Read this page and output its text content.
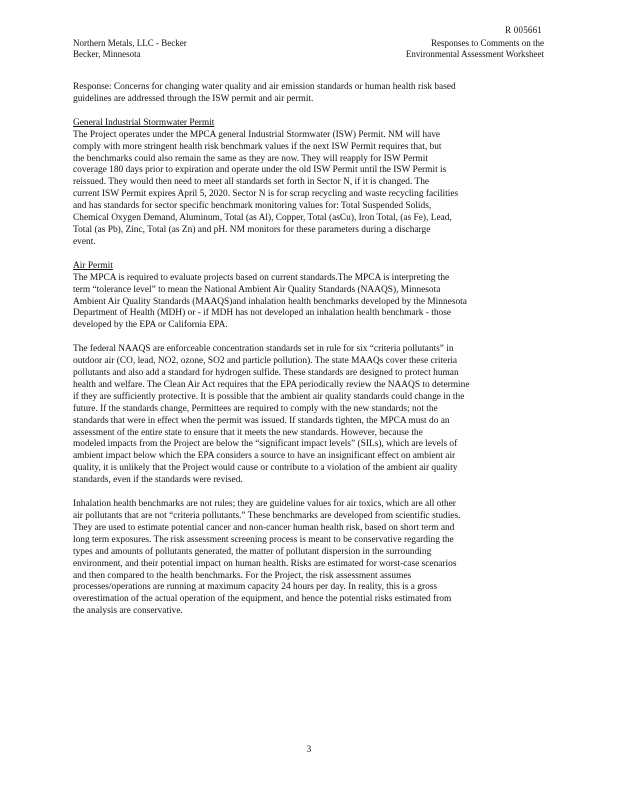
R 005661
Northern Metals, LLC - Becker
Becker, Minnesota
Responses to Comments on the
Environmental Assessment Worksheet
Response: Concerns for changing water quality and air emission standards or human health risk based
guidelines are addressed through the ISW permit and air permit.
General Industrial Stormwater Permit
The Project operates under the MPCA general Industrial Stormwater (ISW) Permit. NM will have
comply with more stringent health risk benchmark values if the next ISW Permit requires that, but
the benchmarks could also remain the same as they are now. They will reapply for ISW Permit
coverage 180 days prior to expiration and operate under the old ISW Permit until the ISW Permit is
reissued. They would then need to meet all standards set forth in Sector N, if it is changed. The
current ISW Permit expires April 5, 2020. Sector N is for scrap recycling and waste recycling facilities
and has standards for sector specific benchmark monitoring values for: Total Suspended Solids,
Chemical Oxygen Demand, Aluminum, Total (as Al), Copper, Total (asCu), Iron Total, (as Fe), Lead,
Total (as Pb), Zinc, Total (as Zn) and pH. NM monitors for these parameters during a discharge
event.
Air Permit
The MPCA is required to evaluate projects based on current standards.The MPCA is interpreting the
term “tolerance level” to mean the National Ambient Air Quality Standards (NAAQS), Minnesota
Ambient Air Quality Standards (MAAQS)and inhalation health benchmarks developed by the Minnesota
Department of Health (MDH) or - if MDH has not developed an inhalation health benchmark - those
developed by the EPA or California EPA.
The federal NAAQS are enforceable concentration standards set in rule for six “criteria pollutants” in
outdoor air (CO, lead, NO2, ozone, SO2 and particle pollution). The state MAAQs cover these criteria
pollutants and also add a standard for hydrogen sulfide. These standards are designed to protect human
health and welfare. The Clean Air Act requires that the EPA periodically review the NAAQS to determine
if they are sufficiently protective. It is possible that the ambient air quality standards could change in the
future. If the standards change, Permittees are required to comply with the new standards; not the
standards that were in effect when the permit was issued. If standards tighten, the MPCA must do an
assessment of the entire state to ensure that it meets the new standards. However, because the
modeled impacts from the Project are below the “significant impact levels” (SILs), which are levels of
ambient impact below which the EPA considers a source to have an insignificant effect on ambient air
quality, it is unlikely that the Project would cause or contribute to a violation of the ambient air quality
standards, even if the standards were revised.
Inhalation health benchmarks are not rules; they are guideline values for air toxics, which are all other
air pollutants that are not “criteria pollutants.” These benchmarks are developed from scientific studies.
They are used to estimate potential cancer and non-cancer human health risk, based on short term and
long term exposures. The risk assessment screening process is meant to be conservative regarding the
types and amounts of pollutants generated, the matter of pollutant dispersion in the surrounding
environment, and their potential impact on human health. Risks are estimated for worst-case scenarios
and then compared to the health benchmarks. For the Project, the risk assessment assumes
processes/operations are running at maximum capacity 24 hours per day. In reality, this is a gross
overestimation of the actual operation of the equipment, and hence the potential risks estimated from
the analysis are conservative.
3
